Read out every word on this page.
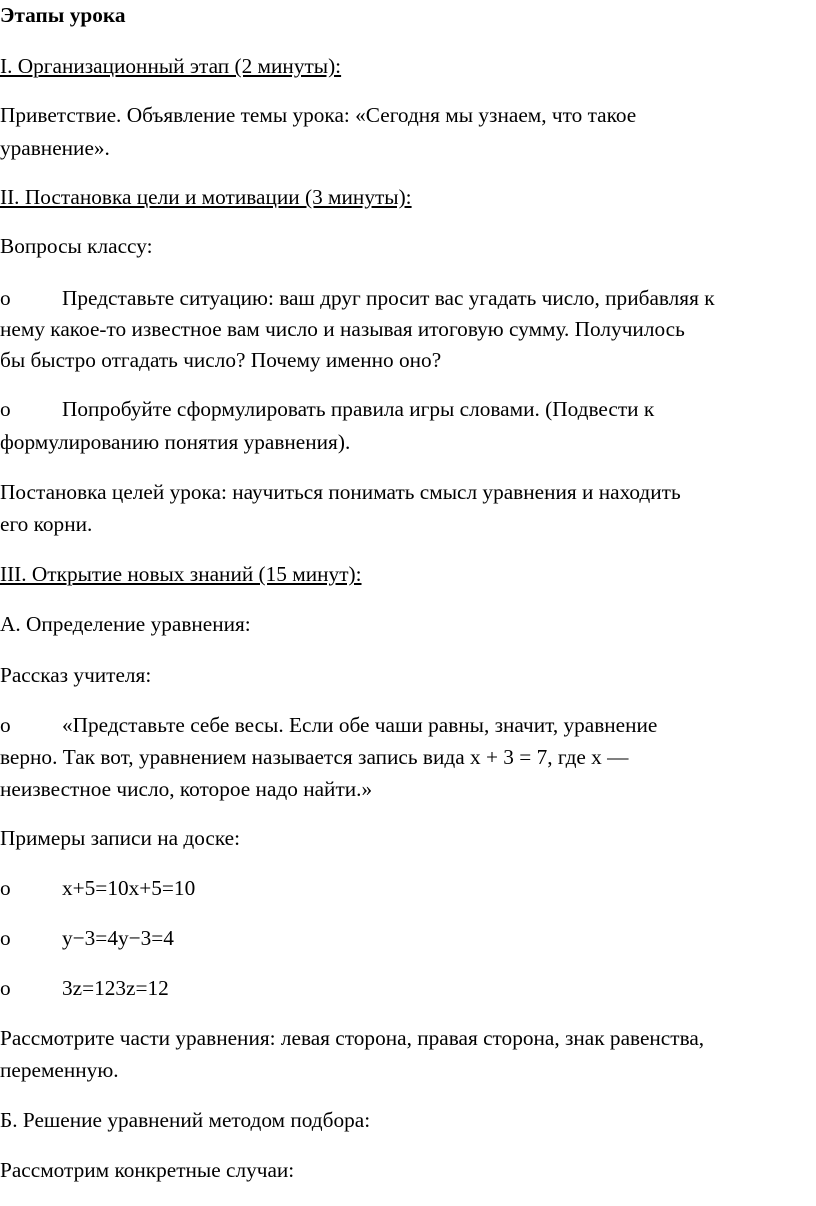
Этапы урока

I. Организационный этап (2 минуты):

Приветствие. Объявление темы урока: «Сегодня мы узнаем, что такое

уравнение».

II. Постановка цели и мотивации (3 минуты):

Вопросы классу:

o Представьте ситуацию: ваш друг просит вас угадать число, прибавляя к

нему какое-то известное вам число и называя итоговую сумму. Получилось

бы быстро отгадать число? Почему именно оно?

o Попробуйте сформулировать правила игры словами. (Подвести к

формулированию понятия уравнения).

Постановка целей урока: научиться понимать смысл уравнения и находить

его корни.

III. Открытие новых знаний (15 минут):

А. Определение уравнения:

Рассказ учителя:

o «Представьте себе весы. Если обе чаши равны, значит, уравнение

верно. Так вот, уравнением называется запись вида x + 3 = 7, где x —

неизвестное число, которое надо найти.»

Примеры записи на доске:

o x+5=10x+5=10
o y−3=4y−3=4
o 3z=123z=12

Рассмотрите части уравнения: левая сторона, правая сторона, знак равенства,

переменную.

Б. Решение уравнений методом подбора:

Рассмотрим конкретные случаи:
